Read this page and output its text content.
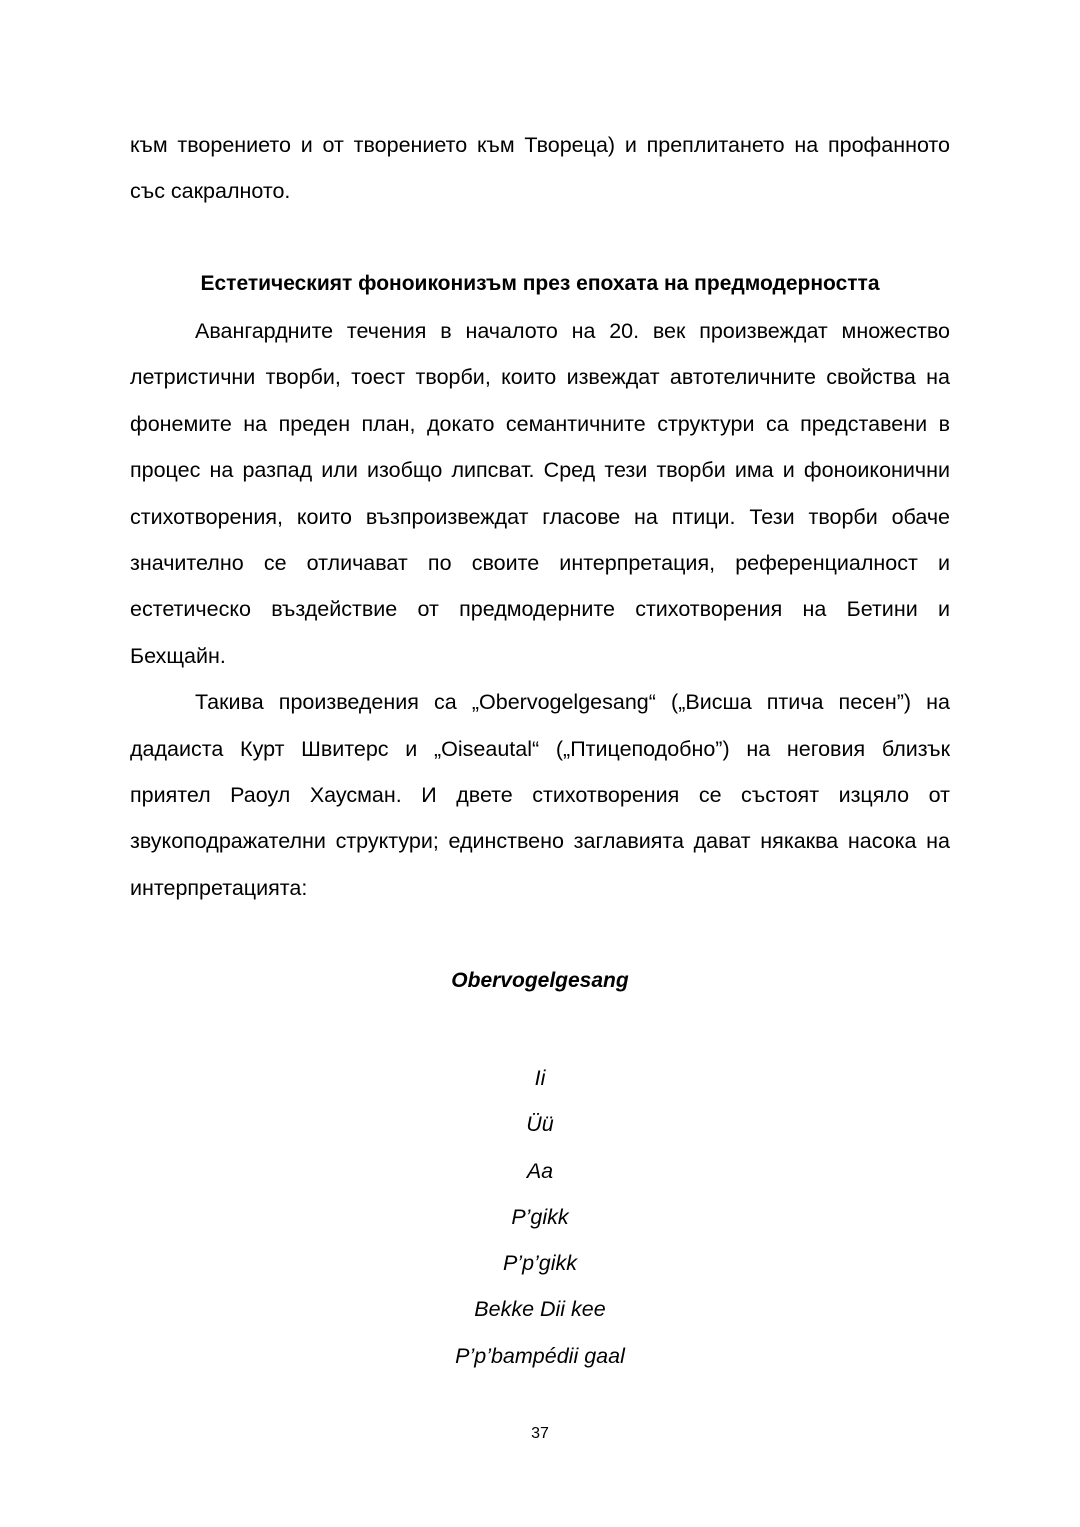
към творението и от творението към Твореца) и преплитането на профанното със сакралното.

Естетическият фоноиконизъм през епохата на предмодерността

Авангардните течения в началото на 20. век произвеждат множество летристични творби, тоест творби, които извеждат автотеличните свойства на фонемите на преден план, докато семантичните структури са представени в процес на разпад или изобщо липсват. Сред тези творби има и фоноиконични стихотворения, които възпроизвеждат гласове на птици. Тези творби обаче значително се отличават по своите интерпретация, референциалност и естетическо въздействие от предмодерните стихотворения на Бетини и Бехщайн.

Такива произведения са „Obervogelgesang“ („Висша птича песен”) на дадаиста Курт Швитерс и „Oiseautal“ („Птицеподобно”) на неговия близък приятел Раоул Хаусман. И двете стихотворения се състоят изцяло от звукоподражателни структури; единствено заглавията дават някаква насока на интерпретацията:

Obervogelgesang
Ii
Üü
Aa
P’gikk
P’p’gikk
Bekke Dii kee
P’p’bampédii gaal
37
